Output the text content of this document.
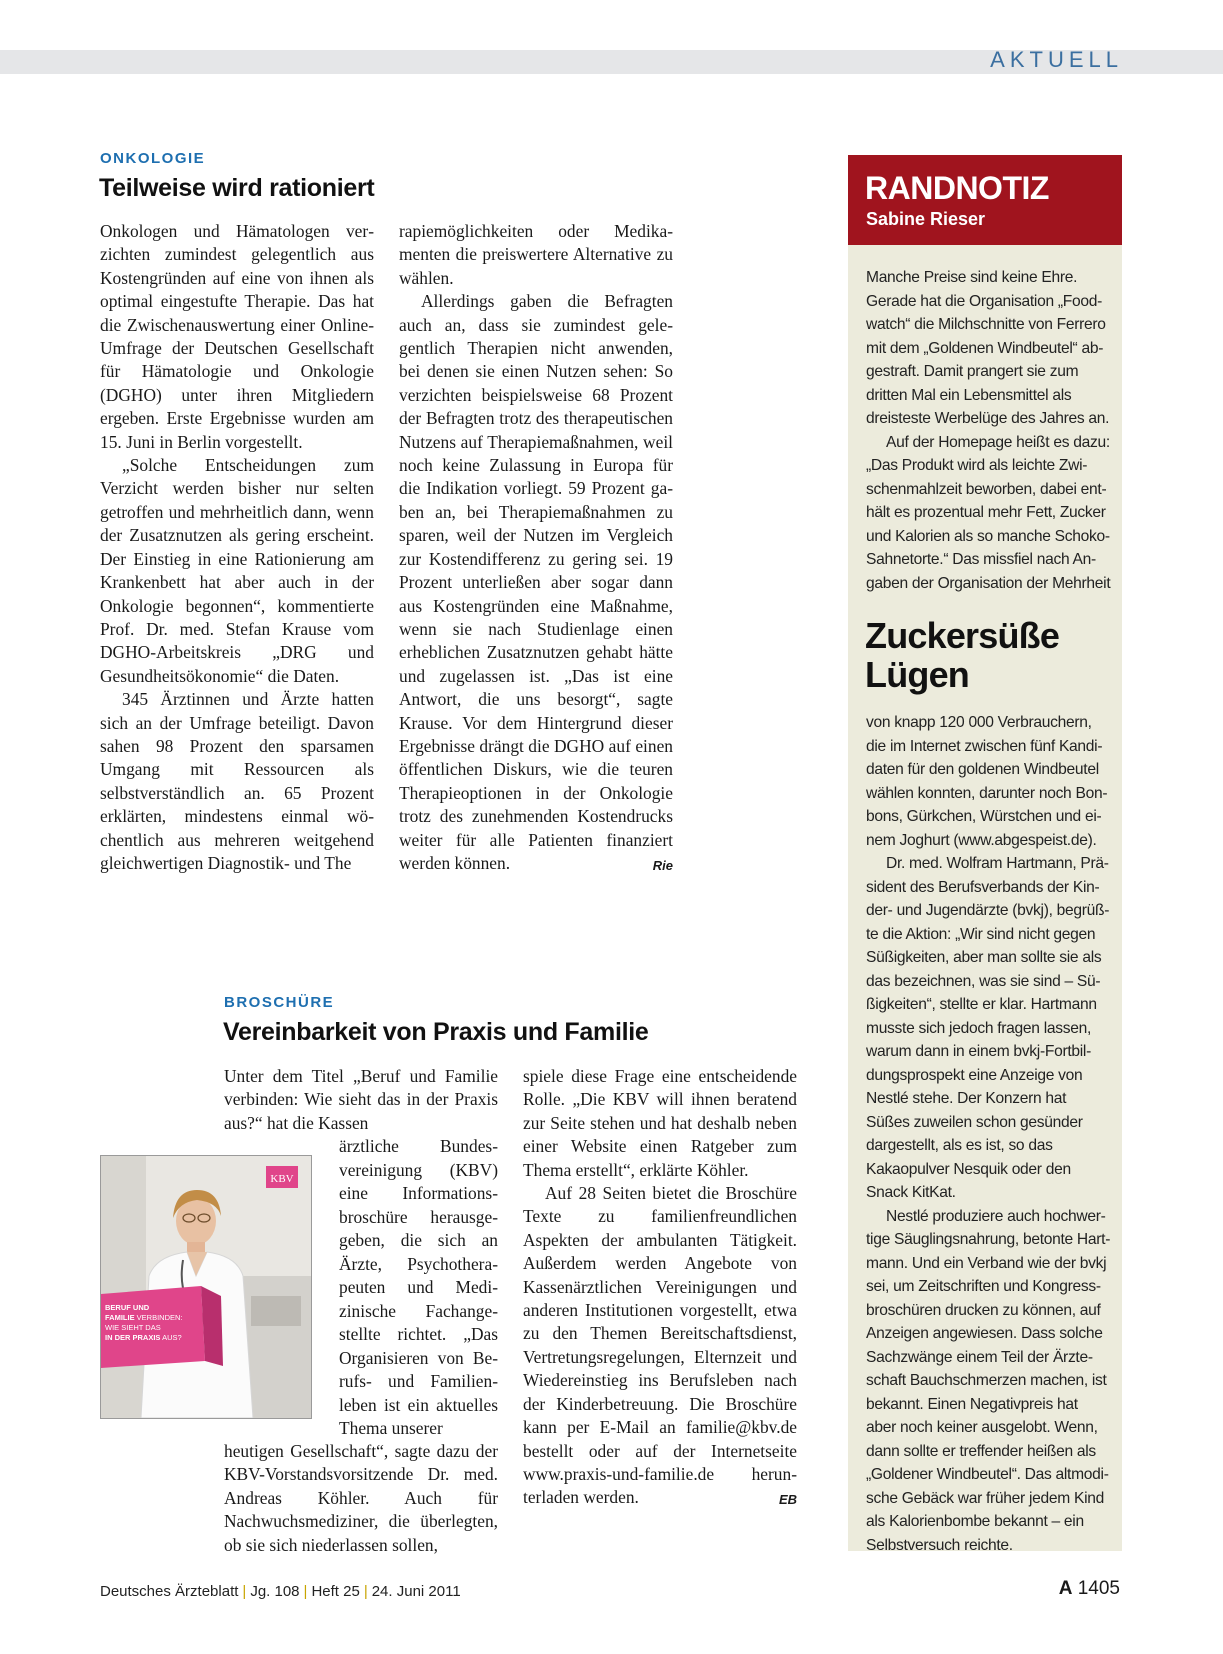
AKTUELL
ONKOLOGIE
Teilweise wird rationiert

Onkologen und Hämatologen verzichten zumindest gelegentlich aus Kostengründen auf eine von ihnen als optimal eingestufte Therapie. Das hat die Zwischenauswertung einer Online-Umfrage der Deutschen Gesellschaft für Hämatologie und Onkologie (DGHO) unter ihren Mitgliedern ergeben. Erste Ergebnisse wurden am 15. Juni in Berlin vorgestellt.

„Solche Entscheidungen zum Verzicht werden bisher nur selten getroffen und mehrheitlich dann, wenn der Zusatznutzen als gering erscheint. Der Einstieg in eine Rationierung am Krankenbett hat aber auch in der Onkologie begonnen“, kommentierte Prof. Dr. med. Stefan Krause vom DGHO-Arbeitskreis „DRG und Gesundheitsökonomie“ die Daten.

345 Ärztinnen und Ärzte hatten sich an der Umfrage beteiligt. Davon sahen 98 Prozent den sparsamen Umgang mit Ressourcen als selbstverständlich an. 65 Prozent erklärten, mindestens einmal wöchentlich aus mehreren weitgehend gleichwertigen Diagnostik- und The

rapiemöglichkeiten oder Medikamenten die preiswertere Alternative zu wählen.

Allerdings gaben die Befragten auch an, dass sie zumindest gelegentlich Therapien nicht anwenden, bei denen sie einen Nutzen sehen: So verzichten beispielsweise 68 Prozent der Befragten trotz des therapeutischen Nutzens auf Therapiemaßnahmen, weil noch keine Zulassung in Europa für die Indikation vorliegt. 59 Prozent gaben an, bei Therapiemaßnahmen zu sparen, weil der Nutzen im Vergleich zur Kostendifferenz zu gering sei. 19 Prozent unterließen aber sogar dann aus Kostengründen eine Maßnahme, wenn sie nach Studienlage einen erheblichen Zusatznutzen gehabt hätte und zugelassen ist. „Das ist eine Antwort, die uns besorgt“, sagte Krause. Vor dem Hintergrund dieser Ergebnisse drängt die DGHO auf einen öffentlichen Diskurs, wie die teuren Therapieoptionen in der Onkologie trotz des zunehmenden Kostendrucks weiter für alle Patienten finanziert werden können.	Rie

BROSCHÜRE
Vereinbarkeit von Praxis und Familie

Unter dem Titel „Beruf und Familie verbinden: Wie sieht das in der Praxis aus?“ hat die Kassen

ärztliche Bundesvereinigung (KBV) eine Informationsbroschüre herausgegeben, die sich an Ärzte, Psychotherapeuten und Medizinische Fachangestellte richtet. „Das Organisieren von Berufs- und Familienleben ist ein aktuelles Thema unserer

heutigen Gesellschaft“, sagte dazu der KBV-Vorstandsvorsitzende Dr. med. Andreas Köhler. Auch für Nachwuchsmediziner, die überlegten, ob sie sich niederlassen sollen,

spiele diese Frage eine entscheidende Rolle. „Die KBV will ihnen beratend zur Seite stehen und hat deshalb neben einer Website einen Ratgeber zum Thema erstellt“, erklärte Köhler.

Auf 28 Seiten bietet die Broschüre Texte zu familienfreundlichen Aspekten der ambulanten Tätigkeit. Außerdem werden Angebote von Kassenärztlichen Vereinigungen und anderen Institutionen vorgestellt, etwa zu den Themen Bereitschaftsdienst, Vertretungsregelungen, Elternzeit und Wiedereinstieg ins Berufsleben nach der Kinderbetreuung. Die Broschüre kann per E-Mail an familie@kbv.de bestellt oder auf der Internetseite www.praxis-und-familie.de herunterladen werden.	EB

KBV
BERUF UND
FAMILIE VERBINDEN:
WIE SIEHT DAS
IN DER PRAXIS AUS?
RANDNOTIZ
Sabine Rieser

Manche Preise sind keine Ehre. Gerade hat die Organisation „Foodwatch“ die Milchschnitte von Ferrero mit dem „Goldenen Windbeutel“ abgestraft. Damit prangert sie zum dritten Mal ein Lebensmittel als dreisteste Werbelüge des Jahres an.

Auf der Homepage heißt es dazu: „Das Produkt wird als leichte Zwischenmahlzeit beworben, dabei enthält es prozentual mehr Fett, Zucker und Kalorien als so manche Schoko-Sahnetorte.“ Das missfiel nach Angaben der Organisation der Mehrheit

Zuckersüße
Lügen

von knapp 120 000 Verbrauchern, die im Internet zwischen fünf Kandidaten für den goldenen Windbeutel wählen konnten, darunter noch Bonbons, Gürkchen, Würstchen und einem Joghurt (www.abgespeist.de).

Dr. med. Wolfram Hartmann, Präsident des Berufsverbands der Kinder- und Jugendärzte (bvkj), begrüßte die Aktion: „Wir sind nicht gegen Süßigkeiten, aber man sollte sie als das bezeichnen, was sie sind – Süßigkeiten“, stellte er klar. Hartmann musste sich jedoch fragen lassen, warum dann in einem bvkj-Fortbildungsprospekt eine Anzeige von Nestlé stehe. Der Konzern hat Süßes zuweilen schon gesünder dargestellt, als es ist, so das Kakaopulver Nesquik oder den Snack KitKat.

Nestlé produziere auch hochwertige Säuglingsnahrung, betonte Hartmann. Und ein Verband wie der bvkj sei, um Zeitschriften und Kongressbroschüren drucken zu können, auf Anzeigen angewiesen. Dass solche Sachzwänge einem Teil der Ärzteschaft Bauchschmerzen machen, ist bekannt. Einen Negativpreis hat aber noch keiner ausgelobt. Wenn, dann sollte er treffender heißen als „Goldener Windbeutel“. Das altmodische Gebäck war früher jedem Kind als Kalorienbombe bekannt – ein Selbstversuch reichte.

Deutsches Ärzteblatt | Jg. 108 | Heft 25 | 24. Juni 2011	A 1405
